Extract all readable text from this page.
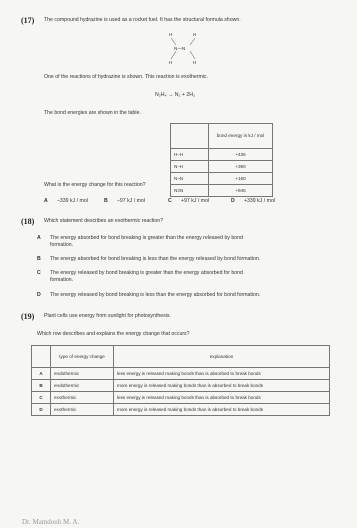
(17) The compound hydrazine is used as a rocket fuel. It has the structural formula shown.
H	H
N—N
H	H
One of the reactions of hydrazine is shown. This reaction is exothermic.
N₂H₄ → N₂ + 2H₂
The bond energies are shown in the table.
	bond energy in kJ / mol
H–H	+436
N–H	+390
N–N	+160
N≡N	+945
What is the energy change for this reaction?
A –339 kJ / mol	B –97 kJ / mol	C +97 kJ / mol	D +339 kJ / mol
(18) Which statement describes an exothermic reaction?
A The energy absorbed for bond breaking is greater than the energy released by bond
formation.
B The energy absorbed for bond breaking is less than the energy released by bond formation.
C The energy released by bond breaking is greater than the energy absorbed for bond
formation.
D The energy released by bond breaking is less than the energy absorbed for bond formation.
(19) Plant cells use energy from sunlight for photosynthesis.
Which row describes and explains the energy change that occurs?
	type of energy change	explanation
A	endothermic	less energy is released making bonds than is absorbed to break bonds
B	endothermic	more energy is released making bonds than is absorbed to break bonds
C	exothermic	less energy is released making bonds than is absorbed to break bonds
D	exothermic	more energy is released making bonds than is absorbed to break bonds
Dr. Mamdouh M. A.
